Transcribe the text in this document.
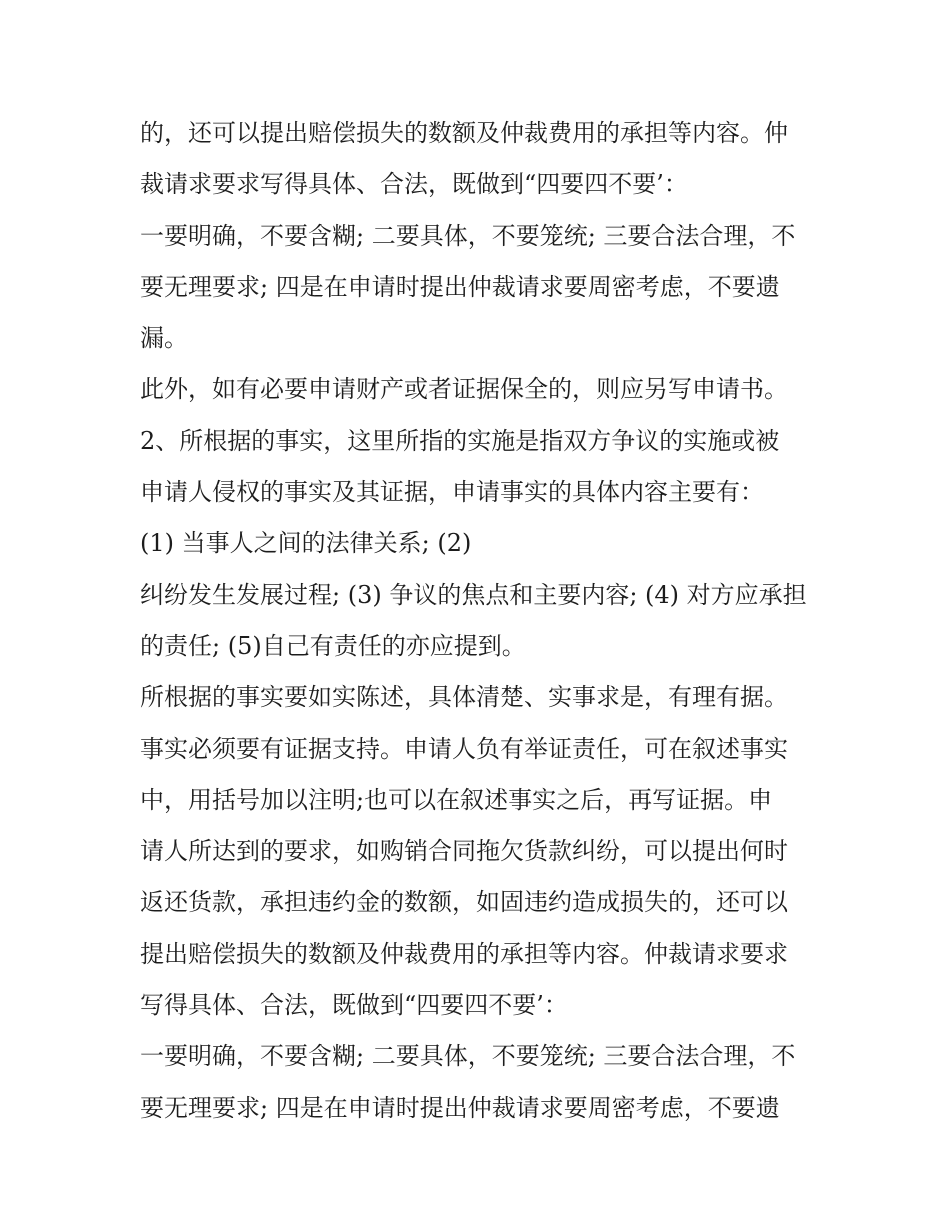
的，还可以提出赔偿损失的数额及仲裁费用的承担等内容。仲
裁请求要求写得具体、合法，既做到“四要四不要’：
一要明确，不要含糊; 二要具体，不要笼统; 三要合法合理，不
要无理要求; 四是在申请时提出仲裁请求要周密考虑，不要遗
漏。
此外，如有必要申请财产或者证据保全的，则应另写申请书。
2、所根据的事实，这里所指的实施是指双方争议的实施或被
申请人侵权的事实及其证据，申请事实的具体内容主要有：
(1) 当事人之间的法律关系; (2)
纠纷发生发展过程; (3) 争议的焦点和主要内容; (4) 对方应承担
的责任; (5)自己有责任的亦应提到。
所根据的事实要如实陈述，具体清楚、实事求是，有理有据。
事实必须要有证据支持。申请人负有举证责任，可在叙述事实
中，用括号加以注明;也可以在叙述事实之后，再写证据。申
请人所达到的要求，如购销合同拖欠货款纠纷，可以提出何时
返还货款，承担违约金的数额，如固违约造成损失的，还可以
提出赔偿损失的数额及仲裁费用的承担等内容。仲裁请求要求
写得具体、合法，既做到“四要四不要’：
一要明确，不要含糊; 二要具体，不要笼统; 三要合法合理，不
要无理要求; 四是在申请时提出仲裁请求要周密考虑，不要遗
